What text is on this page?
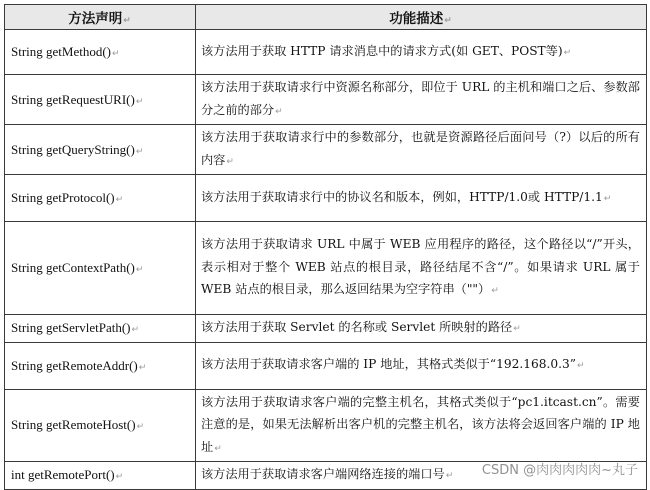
方法声明↵	功能描述↵
String getMethod()↵	该方法用于获取 HTTP 请求消息中的请求方式(如 GET、POST等)↵
String getRequestURI()↵	该方法用于获取请求行中资源名称部分，即位于 URL 的主机和端口之后、参数部分之前的部分↵
String getQueryString()↵	该方法用于获取请求行中的参数部分，也就是资源路径后面问号（?）以后的所有内容↵
String getProtocol()↵	该方法用于获取请求行中的协议名和版本，例如，HTTP/1.0或 HTTP/1.1↵
String getContextPath()↵	该方法用于获取请求 URL 中属于 WEB 应用程序的路径，这个路径以“/”开头，表示相对于整个 WEB 站点的根目录，路径结尾不含“/”。如果请求 URL 属于 WEB 站点的根目录，那么返回结果为空字符串（""）↵
String getServletPath()↵	该方法用于获取 Servlet 的名称或 Servlet 所映射的路径↵
String getRemoteAddr()↵	该方法用于获取请求客户端的 IP 地址，其格式类似于“192.168.0.3”↵
String getRemoteHost()↵	该方法用于获取请求客户端的完整主机名，其格式类似于“pc1.itcast.cn”。需要注意的是，如果无法解析出客户机的完整主机名，该方法将会返回客户端的 IP 地址↵
int getRemotePort()↵	该方法用于获取请求客户端网络连接的端口号↵ CSDN @肉肉肉肉肉~丸子
